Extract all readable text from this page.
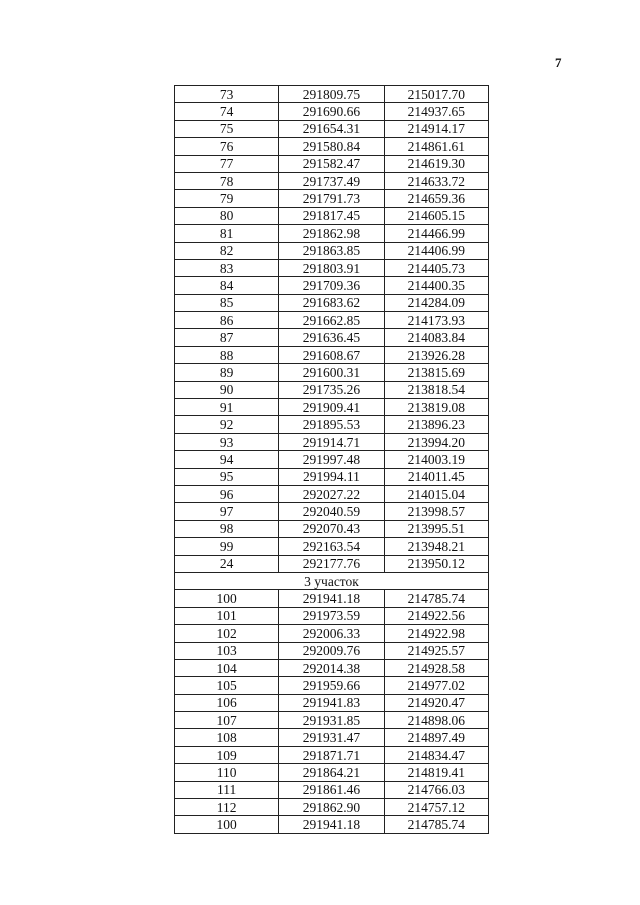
7
73	291809.75	215017.70
74	291690.66	214937.65
75	291654.31	214914.17
76	291580.84	214861.61
77	291582.47	214619.30
78	291737.49	214633.72
79	291791.73	214659.36
80	291817.45	214605.15
81	291862.98	214466.99
82	291863.85	214406.99
83	291803.91	214405.73
84	291709.36	214400.35
85	291683.62	214284.09
86	291662.85	214173.93
87	291636.45	214083.84
88	291608.67	213926.28
89	291600.31	213815.69
90	291735.26	213818.54
91	291909.41	213819.08
92	291895.53	213896.23
93	291914.71	213994.20
94	291997.48	214003.19
95	291994.11	214011.45
96	292027.22	214015.04
97	292040.59	213998.57
98	292070.43	213995.51
99	292163.54	213948.21
24	292177.76	213950.12
3 участок		
100	291941.18	214785.74
101	291973.59	214922.56
102	292006.33	214922.98
103	292009.76	214925.57
104	292014.38	214928.58
105	291959.66	214977.02
106	291941.83	214920.47
107	291931.85	214898.06
108	291931.47	214897.49
109	291871.71	214834.47
110	291864.21	214819.41
111	291861.46	214766.03
112	291862.90	214757.12
100	291941.18	214785.74
